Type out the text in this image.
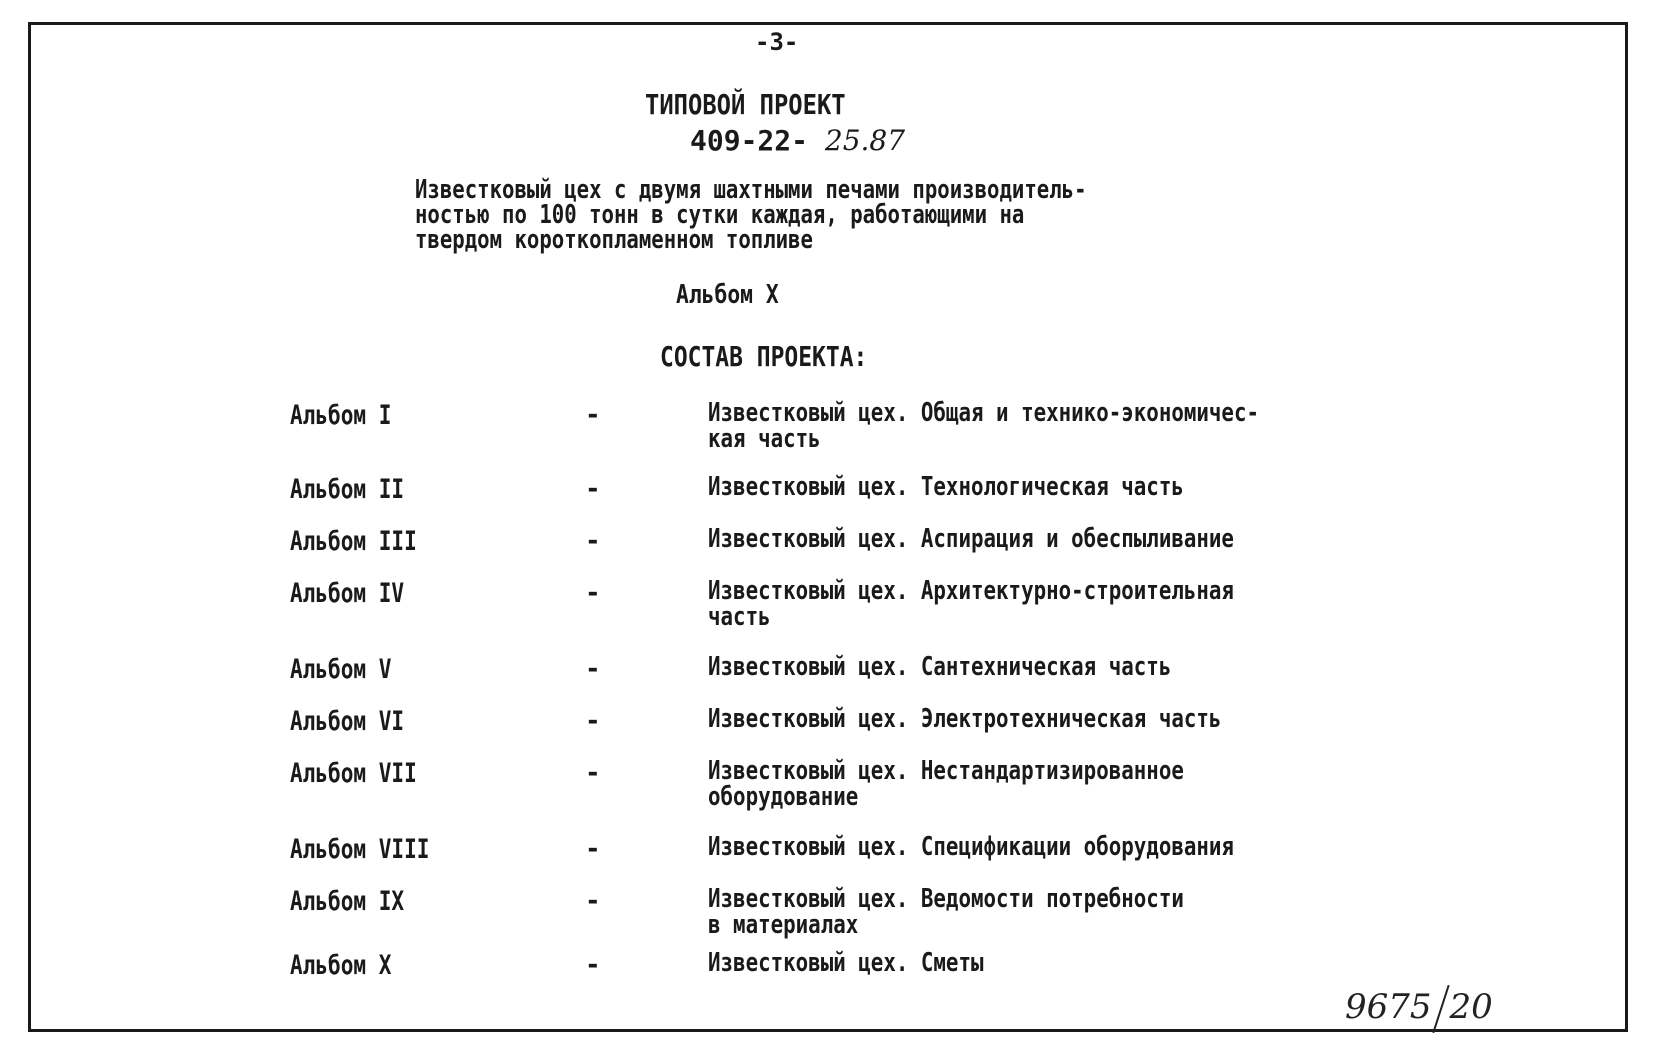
-3-
ТИПОВОЙ ПРОЕКТ
409-22- 25.87
Известковый цех с двумя шахтными печами производитель-
ностью по 100 тонн в сутки каждая, работающими на
твердом короткопламенном топливе
Альбом X
СОСТАВ ПРОЕКТА:
Альбом I	-	Известковый цех. Общая и технико-экономичес-
кая часть
Альбом II	-	Известковый цех. Технологическая часть
Альбом III	-	Известковый цех. Аспирация и обеспыливание
Альбом IV	-	Известковый цех. Архитектурно-строительная
часть
Альбом V	-	Известковый цех. Сантехническая часть
Альбом VI	-	Известковый цех. Электротехническая часть
Альбом VII	-	Известковый цех. Нестандартизированное
оборудование
Альбом VIII	-	Известковый цех. Спецификации оборудования
Альбом IX	-	Известковый цех. Ведомости потребности
в материалах
Альбом X	-	Известковый цех. Сметы
9675 20
